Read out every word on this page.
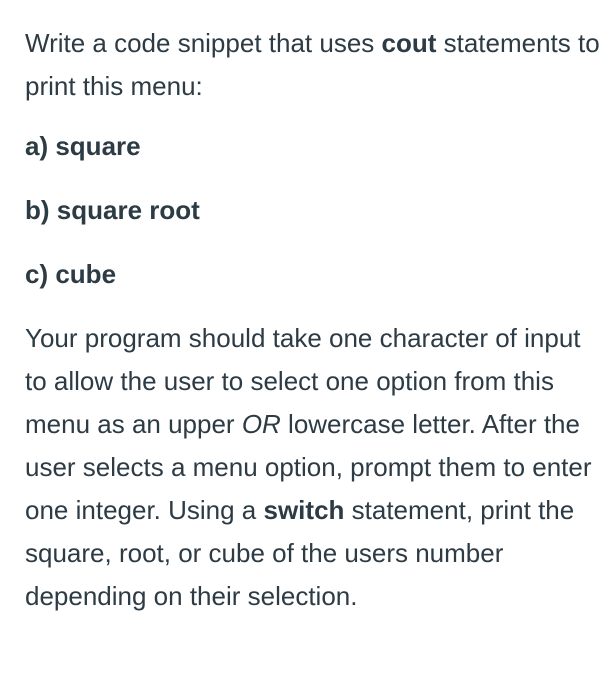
Write a code snippet that uses cout statements to print this menu:

a) square

b) square root

c) cube

Your program should take one character of input to allow the user to select one option from this menu as an upper OR lowercase letter. After the user selects a menu option, prompt them to enter one integer. Using a switch statement, print the square, root, or cube of the users number depending on their selection.
